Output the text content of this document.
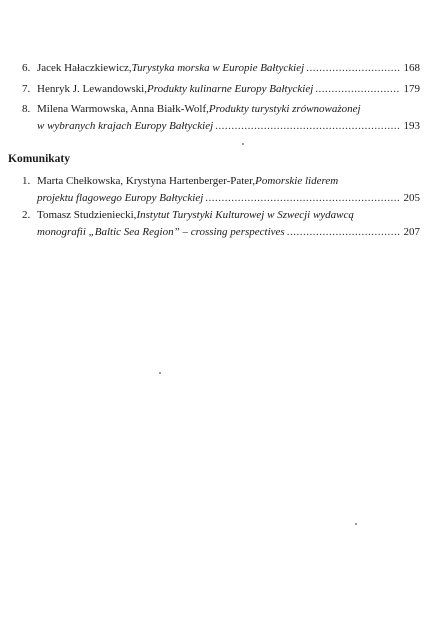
6. Jacek Hałaczkiewicz, Turystyka morska w Europie Bałtyckiej .....	168
7. Henryk J. Lewandowski, Produkty kulinarne Europy Bałtyckiej .....	179
8. Milena Warmowska, Anna Białk-Wolf, Produkty turystyki zrównoważonej
w wybranych krajach Europy Bałtyckiej .....	193
Komunikaty
1. Marta Chełkowska, Krystyna Hartenberger-Pater, Pomorskie liderem
projektu flagowego Europy Bałtyckiej .....	205
2. Tomasz Studzieniecki, Instytut Turystyki Kulturowej w Szwecji wydawcą
monografii „Baltic Sea Region” – crossing perspectives .....	207
